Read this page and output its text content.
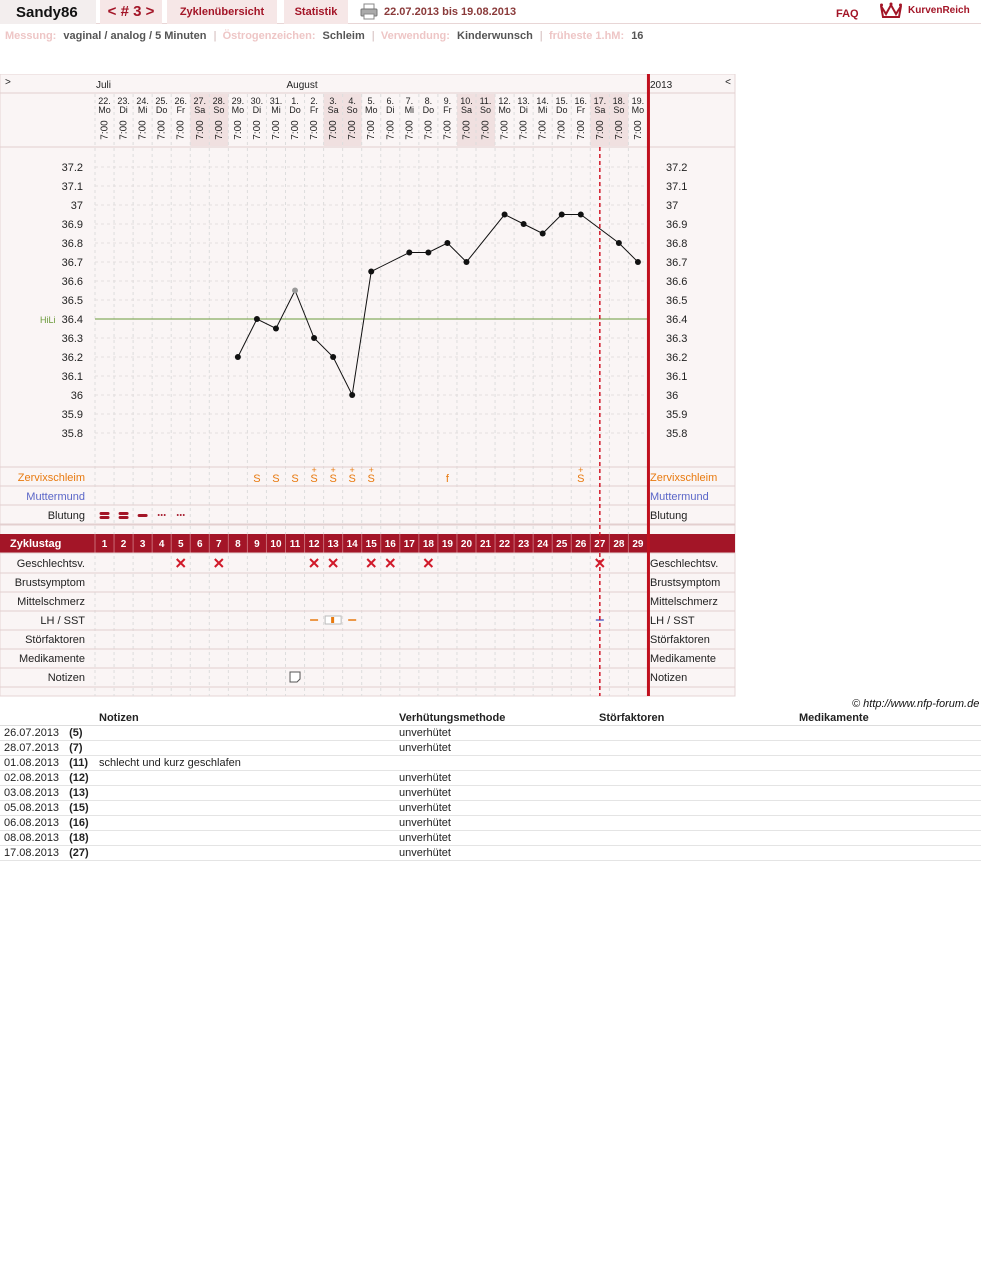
Sandy86	< # 3 >	Zyklenübersicht	Statistik	22.07.2013 bis 19.08.2013	FAQ	KurvenReich
Messung: vaginal / analog / 5 Minuten | Östrogenzeichen: Schleim | Verwendung: Kinderwunsch | früheste 1.hM: 16
>	<
2013
Juli	August
22.
Mo
7:00
23.
Di
7:00
24.
Mi
7:00
25.
Do
7:00
26.
Fr
7:00
27.
Sa
7:00
28.
So
7:00
29.
Mo
7:00
30.
Di
7:00
31.
Mi
7:00
1.
Do
7:00
2.
Fr
7:00
3.
Sa
7:00
4.
So
7:00
5.
Mo
7:00
6.
Di
7:00
7.
Mi
7:00
8.
Do
7:00
9.
Fr
7:00
10.
Sa
7:00
11.
So
7:00
12.
Mo
7:00
13.
Di
7:00
14.
Mi
7:00
15.
Do
7:00
16.
Fr
7:00
17.
Sa
7:00
18.
So
7:00
19.
Mo
7:00
37.2	37.2
37.1	37.1
37	37
36.9	36.9
36.8	36.8
36.7	36.7
36.6	36.6
36.5	36.5
36.4	36.4
36.3	36.3
36.2	36.2
36.1	36.1
36	36
35.9	35.9
35.8	35.8
HiLi
Zervixschleim	Zervixschleim
Muttermund	Muttermund
Blutung	Blutung
S S S S
+
S
+
S
+
S
+
f	S
+
Zyklustag	1 2 3 4 5 6 7 8 9 10 11 12 13 14 15 16 17 18 19 20 21 22 23 24 25 26 27 28 29
Geschlechtsv.	Geschlechtsv.
Brustsymptom	Brustsymptom
Mittelschmerz	Mittelschmerz
LH / SST	LH / SST
Störfaktoren	Störfaktoren
Medikamente	Medikamente
Notizen	Notizen
© http://www.nfp-forum.de
	Notizen	Verhütungsmethode	Störfaktoren	Medikamente
26.07.2013 (5)		unverhütet		
28.07.2013 (7)		unverhütet		
01.08.2013 (11)	schlecht und kurz geschlafen			
02.08.2013 (12)		unverhütet		
03.08.2013 (13)		unverhütet		
05.08.2013 (15)		unverhütet		
06.08.2013 (16)		unverhütet		
08.08.2013 (18)		unverhütet		
17.08.2013 (27)		unverhütet		
